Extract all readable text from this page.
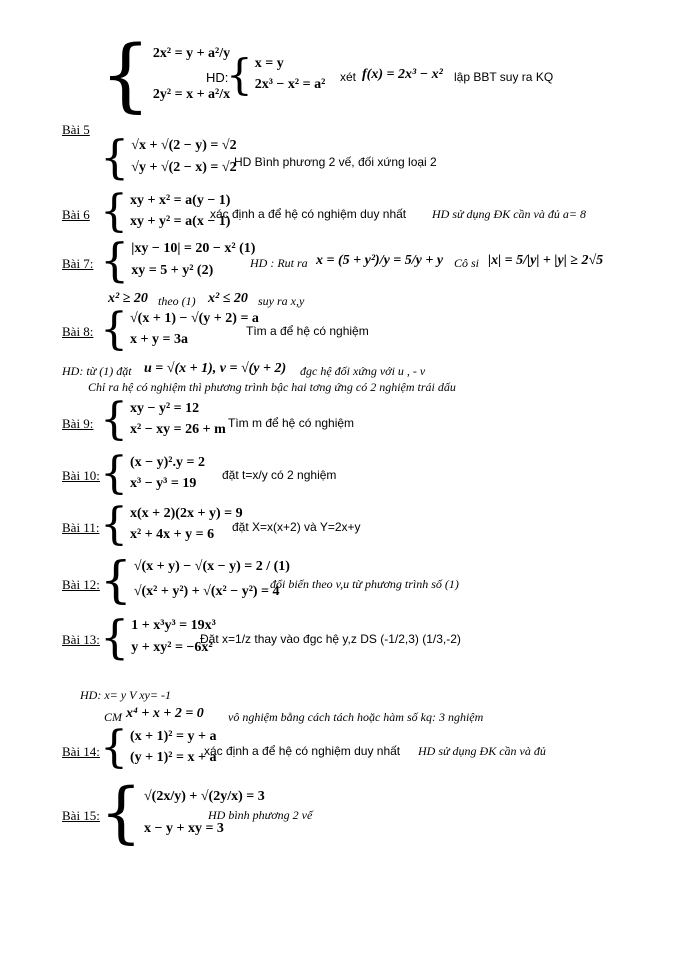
{ 2x² = y + a²/y
2y² = x + a²/x
HD:
{ x = y
2x³ − x² = a²
xét f(x) = 2x³ − x² lập BBT suy ra KQ
Bài 5
{ √x + √(2 − y) = √2
√y + √(2 − x) = √2
HD Bình phương 2 vế, đối xứng loại 2
Bài 6 { xy + x² = a(y − 1)
xy + y² = a(x − 1)
xác định a để hệ có nghiệm duy nhất HD sử dụng ĐK cần và đủ a= 8
Bài 7: { |xy − 10| = 20 − x² (1)
xy = 5 + y² (2)	HD : Rut ra x = (5 + y²)/y = 5/y + y Cô si |x| = 5/|y| + |y| ≥ 2√5
x² ≥ 20 theo (1) x² ≤ 20 suy ra x,y
Bài 8: { √(x + 1) − √(y + 2) = a
x + y = 3a
Tìm a để hệ có nghiệm
HD: từ (1) đặt u = √(x + 1), v = √(y + 2) đgc hệ đối xứng với u , - v
Chỉ ra hệ có nghiệm thì phương trình bậc hai tơng ứng có 2 nghiệm trái dấu
Bài 9: { xy − y² = 12
x² − xy = 26 + m Tìm m để hệ có nghiệm
Bài 10: { (x − y)².y = 2
x³ − y³ = 19
đặt t=x/y có 2 nghiệm
Bài 11: { x(x + 2)(2x + y) = 9
x² + 4x + y = 6
đặt X=x(x+2) và Y=2x+y
Bài 12: { √(x + y) − √(x − y) = 2 / (1)
√(x² + y²) + √(x² − y²) = 4
đổi biến theo v,u từ phương trình số (1)
Bài 13: { 1 + x³y³ = 19x³
y + xy² = −6x²
Đặt x=1/z thay vào đgc hệ y,z DS (-1/2,3) (1/3,-2)
HD: x= y V xy= -1
CM x⁴ + x + 2 = 0 vô nghiệm bằng cách tách hoặc hàm số kq: 3 nghiệm
Bài 14: { (x + 1)² = y + a
(y + 1)² = x + a
xác định a để hệ có nghiệm duy nhất HD sử dụng ĐK cần và đủ
Bài 15: { √(2x/y) + √(2y/x) = 3
x − y + xy = 3
HD bình phương 2 vế
